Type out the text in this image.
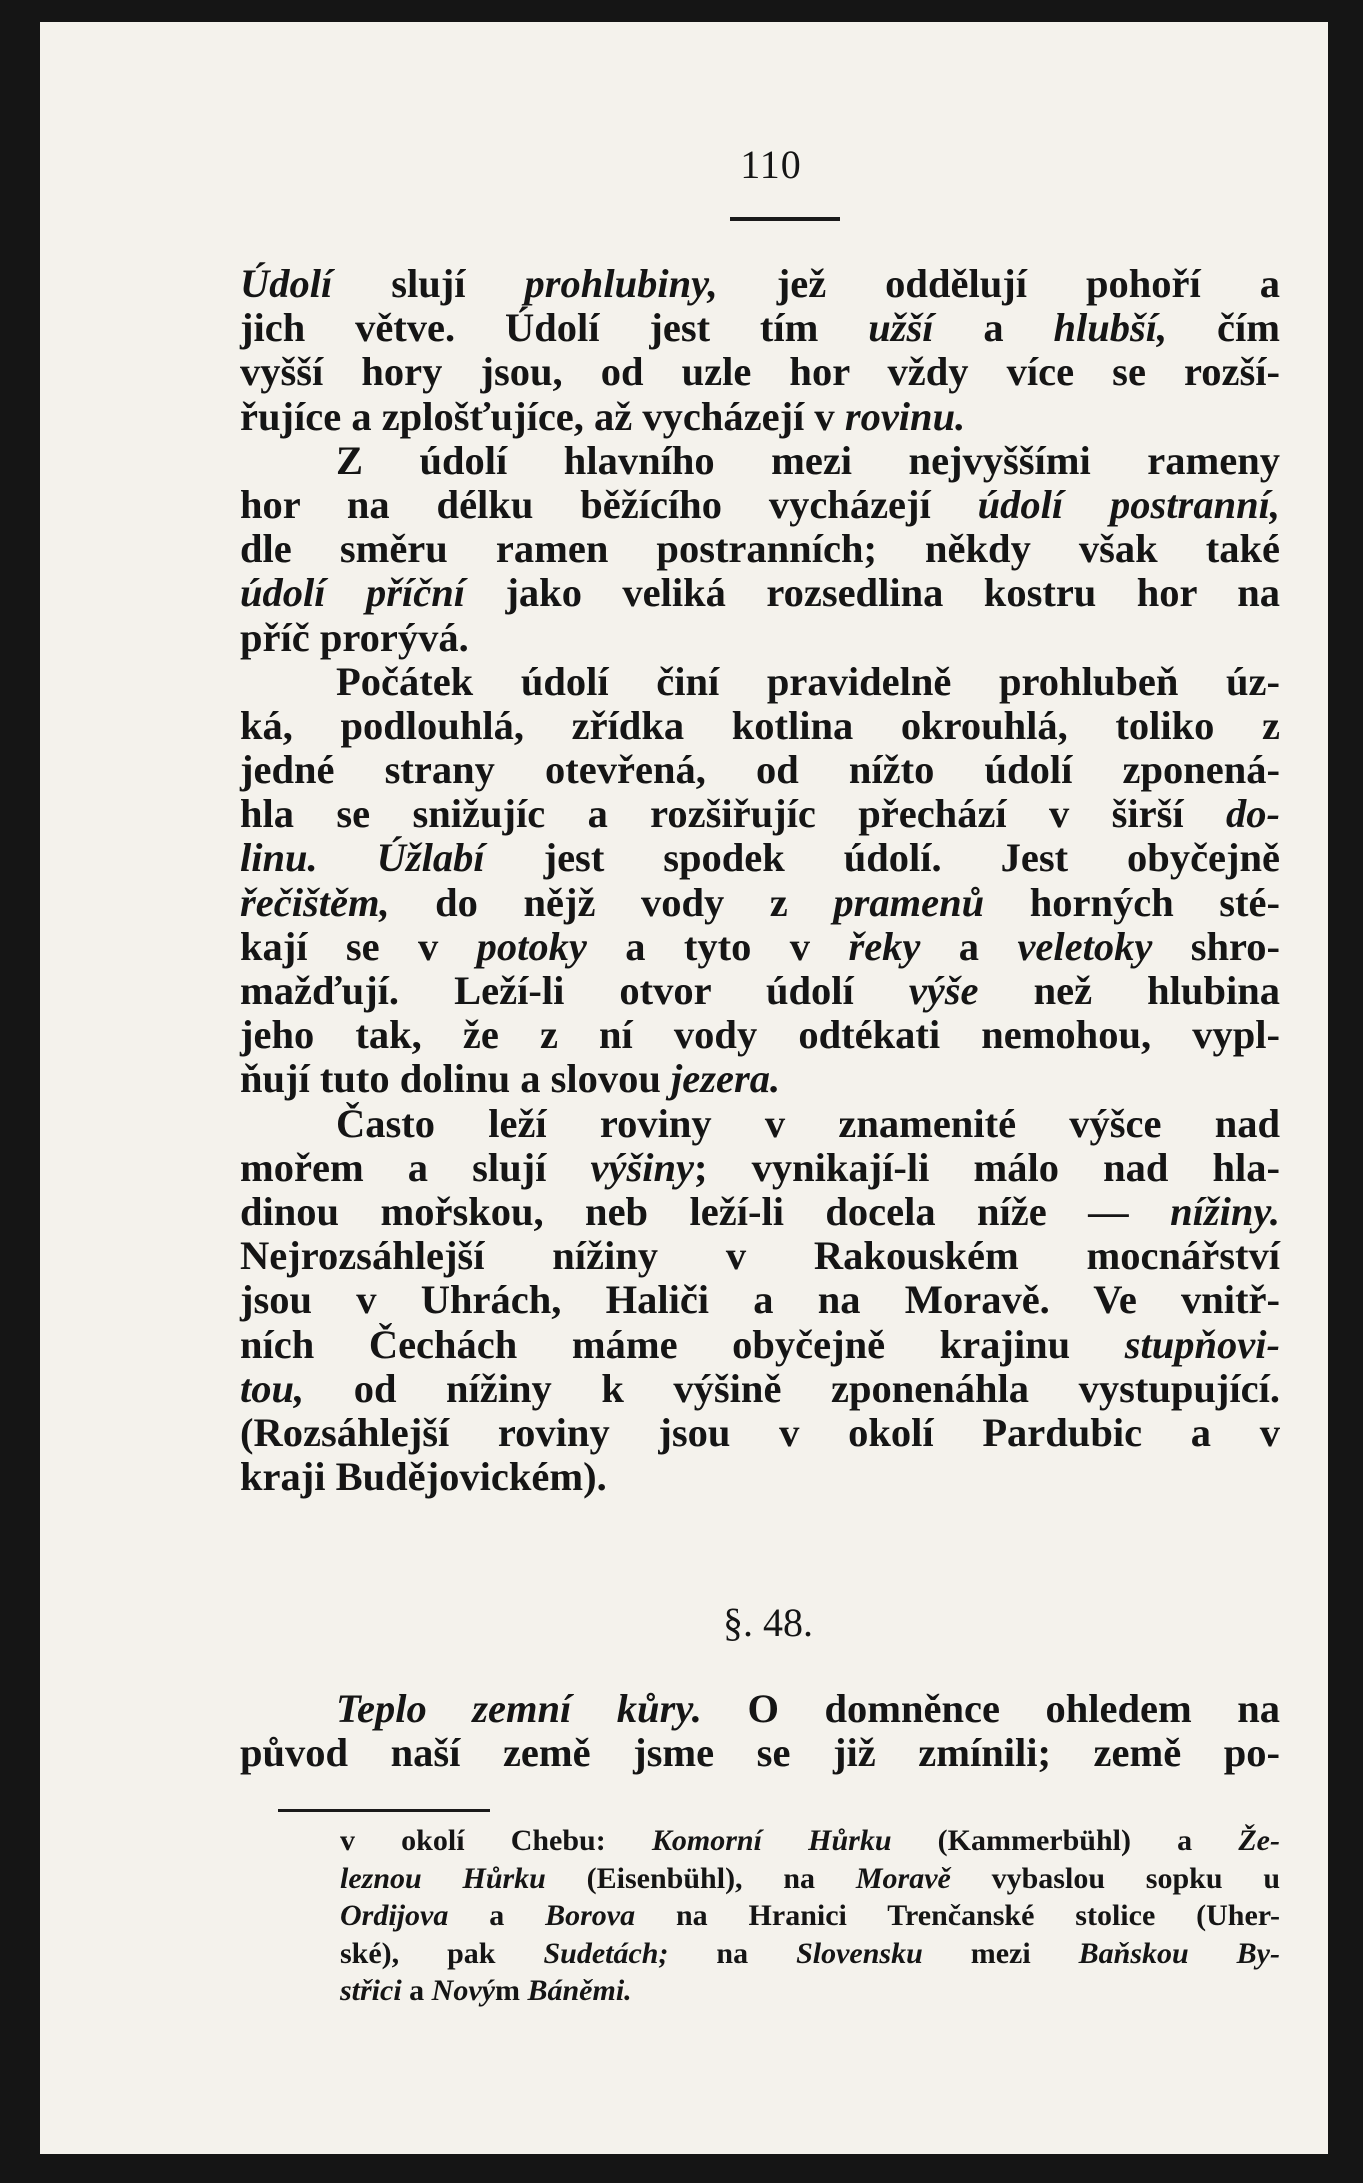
110
Údolí slují prohlubiny, jež oddělují pohoří a
jich větve. Údolí jest tím užší a hlubší, čím
vyšší hory jsou, od uzle hor vždy více se rozší-
řujíce a zplošťujíce, až vycházejí v rovinu.
Z údolí hlavního mezi nejvyššími rameny
hor na délku běžícího vycházejí údolí postranní,
dle směru ramen postranních; někdy však také
údolí příční jako veliká rozsedlina kostru hor na
příč prorývá.
Počátek údolí činí pravidelně prohlubeň úz-
ká, podlouhlá, zřídka kotlina okrouhlá, toliko z
jedné strany otevřená, od nížto údolí zponená-
hla se snižujíc a rozšiřujíc přechází v širší do-
linu. Úžlabí jest spodek údolí. Jest obyčejně
řečištěm, do nějž vody z pramenů horných sté-
kají se v potoky a tyto v řeky a veletoky shro-
mažďují. Leží-li otvor údolí výše než hlubina
jeho tak, že z ní vody odtékati nemohou, vypl-
ňují tuto dolinu a slovou jezera.
Často leží roviny v znamenité výšce nad
mořem a slují výšiny; vynikají-li málo nad hla-
dinou mořskou, neb leží-li docela níže — nížiny.
Nejrozsáhlejší nížiny v Rakouském mocnářství
jsou v Uhrách, Haliči a na Moravě. Ve vnitř-
ních Čechách máme obyčejně krajinu stupňovi-
tou, od nížiny k výšině zponenáhla vystupující.
(Rozsáhlejší roviny jsou v okolí Pardubic a v
kraji Budějovickém).
§. 48.
Teplo zemní kůry. O domněnce ohledem na
původ naší země jsme se již zmínili; země po-
v okolí Chebu: Komorní Hůrku (Kammerbühl) a Že-
leznou Hůrku (Eisenbühl), na Moravě vybaslou sopku u
Ordijova a Borova na Hranici Trenčanské stolice (Uher-
ské), pak Sudetách; na Slovensku mezi Baňskou By-
střici a Novým Báněmi.
